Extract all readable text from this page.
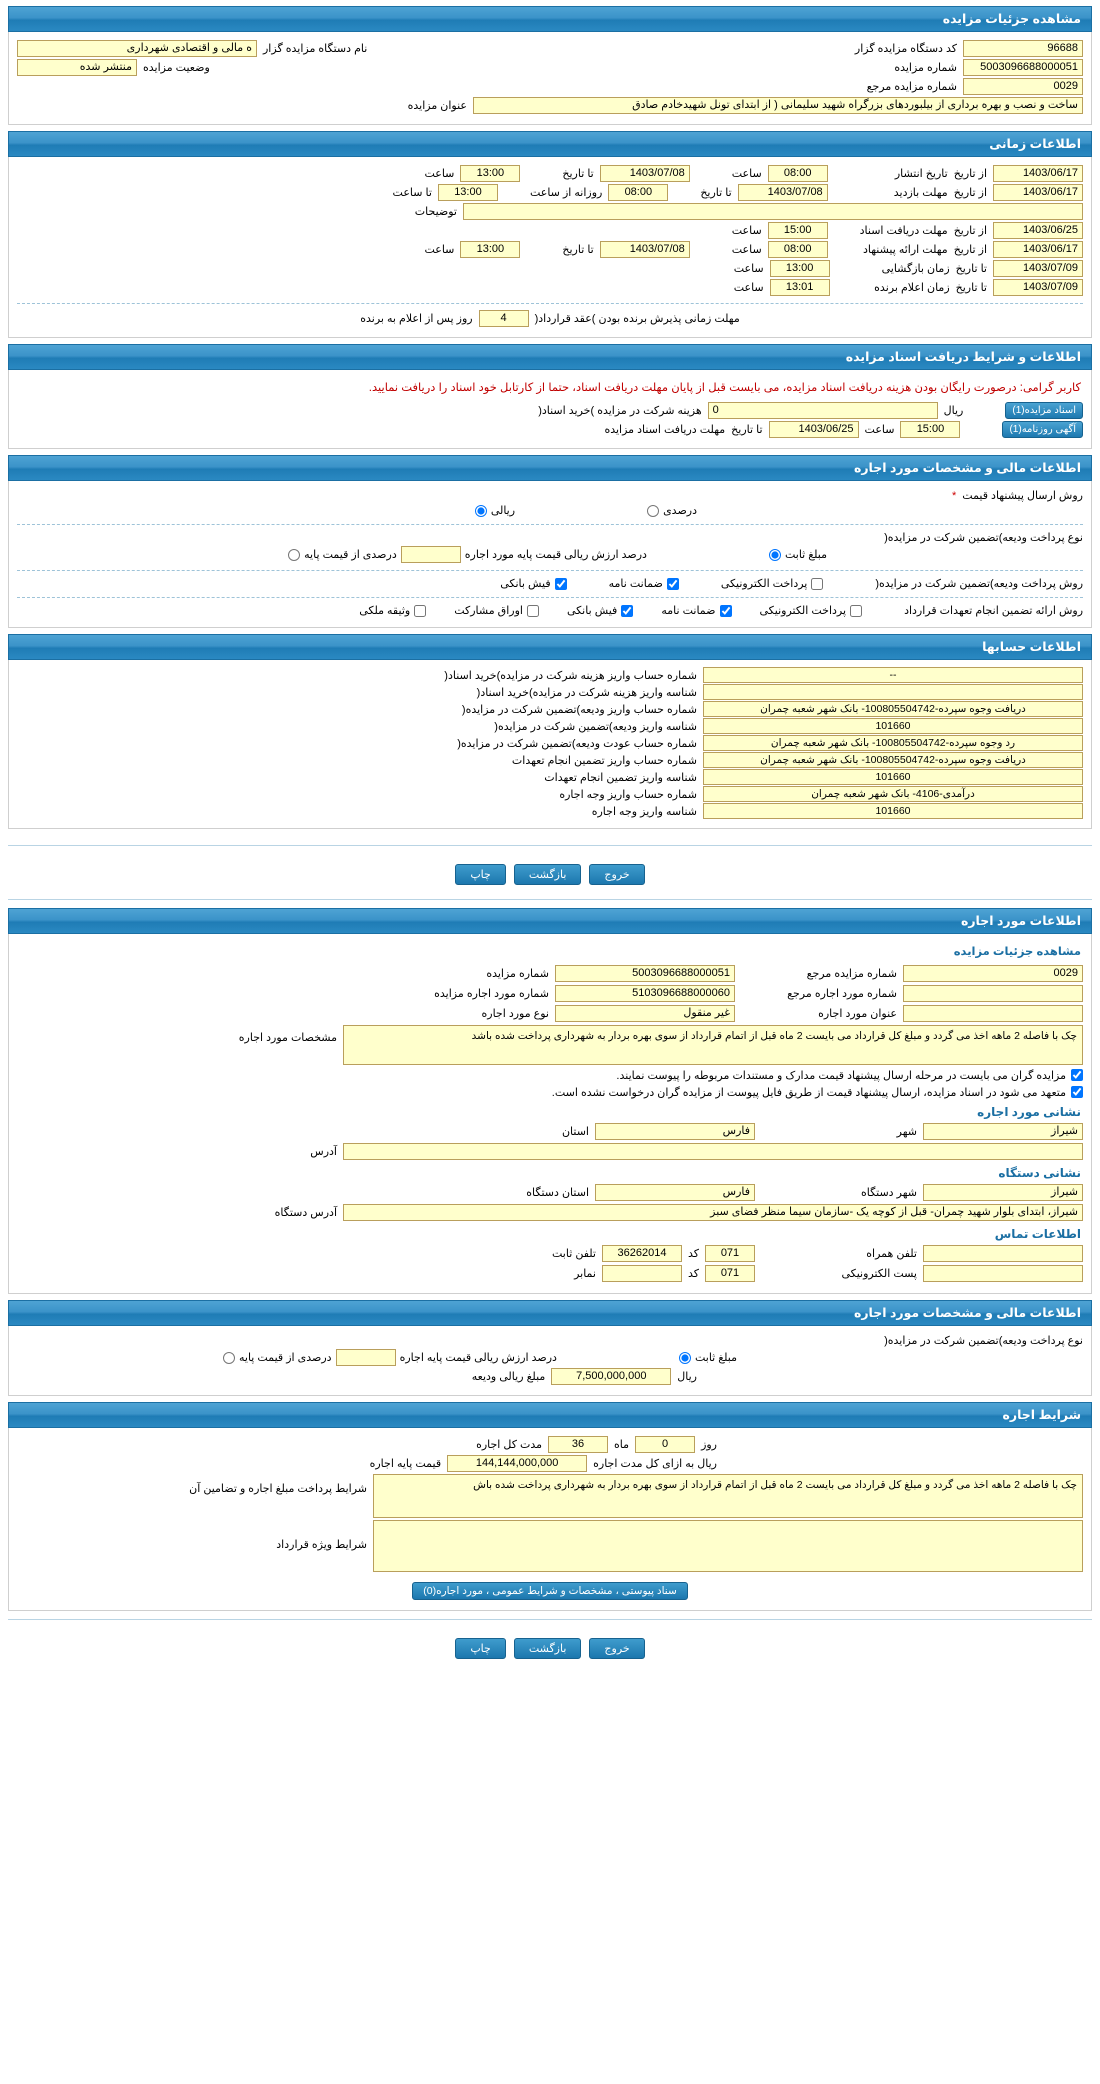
مشاهده جزئیات مزایده
96688
کد دستگاه مزایده گزار
نام دستگاه مزایده گزار
ه مالی و اقتصادی شهرداری
5003096688000051
شماره مزایده
وضعیت مزایده
منتشر شده
0029
شماره مزایده مرجع
ساخت و نصب و بهره برداری از بیلبوردهای بزرگراه شهید سلیمانی ( از ابتدای تونل شهیدخادم صادق
عنوان مزایده
اطلاعات زمانی
1403/06/17
از تاریخ
تاریخ انتشار
08:00
ساعت
1403/07/08
تا تاریخ
13:00
ساعت
1403/06/17
از تاریخ
مهلت بازدید
1403/07/08
تا تاریخ
08:00
روزانه از ساعت
13:00
تا ساعت
توضیحات
1403/06/25
از تاریخ
مهلت دریافت اسناد
15:00
ساعت
1403/06/17
از تاریخ
مهلت ارائه پیشنهاد
08:00
ساعت
1403/07/08
تا تاریخ
13:00
ساعت
1403/07/09
تا تاریخ
زمان بازگشایی
13:00
ساعت
1403/07/09
تا تاریخ
زمان اعلام برنده
13:01
ساعت
مهلت زمانی پذیرش برنده بودن )عقد قرارداد(
4
روز پس از اعلام به برنده
اطلاعات و شرایط دریافت اسناد مزایده
کاربر گرامی: درصورت رایگان بودن هزینه دریافت اسناد مزایده، می بایست قبل از پایان مهلت دریافت اسناد، حتما از کارتابل خود اسناد را دریافت نمایید.
اسناد مزایده(1)
ریال
0
هزینه شرکت در مزایده )خرید اسناد(
آگهی روزنامه(1)
15:00
ساعت
1403/06/25
تا تاریخ
مهلت دریافت اسناد مزایده
اطلاعات مالی و مشخصات مورد اجاره
روش ارسال پیشنهاد قیمت
*
درصدی
ریالی
نوع پرداخت ودیعه)تضمین شرکت در مزایده(
مبلغ ثابت
درصد ارزش ریالی قیمت پایه مورد اجاره
درصدی از قیمت پایه
روش پرداخت ودیعه)تضمین شرکت در مزایده(
پرداخت الکترونیکی
ضمانت نامه
فیش بانکی
روش ارائه تضمین انجام تعهدات قرارداد
پرداخت الکترونیکی
ضمانت نامه
فیش بانکی
اوراق مشارکت
وثیقه ملکی
اطلاعات حسابها
--
شماره حساب واریز هزینه شرکت در مزایده)خرید اسناد(
شناسه واریز هزینه شرکت در مزایده)خرید اسناد(
دریافت وجوه سپرده-100805504742- بانک شهر شعبه چمران
شماره حساب واریز ودیعه)تضمین شرکت در مزایده(
101660
شناسه واریز ودیعه)تضمین شرکت در مزایده(
رد وجوه سپرده-100805504742- بانک شهر شعبه چمران
شماره حساب عودت ودیعه)تضمین شرکت در مزایده(
دریافت وجوه سپرده-100805504742- بانک شهر شعبه چمران
شماره حساب واریز تضمین انجام تعهدات
101660
شناسه واریز تضمین انجام تعهدات
درآمدی-4106- بانک شهر شعبه چمران
شماره حساب واریز وجه اجاره
101660
شناسه واریز وجه اجاره
خروج
بازگشت
چاپ
اطلاعات مورد اجاره
مشاهده جزئیات مزایده
0029
شماره مزایده مرجع
5003096688000051
شماره مزایده
شماره مورد اجاره مرجع
5103096688000060
شماره مورد اجاره مزایده
عنوان مورد اجاره
غیر منقول
نوع مورد اجاره
چک با فاصله 2 ماهه اخذ می گردد و مبلغ کل قرارداد می بایست 2 ماه قبل از اتمام قرارداد از سوی بهره بردار به شهرداری پرداخت شده باشد
مشخصات مورد اجاره
مزایده گران می بایست در مرحله ارسال پیشنهاد قیمت مدارک و مستندات مربوطه را پیوست نمایند.
متعهد می شود در اسناد مزایده، ارسال پیشنهاد قیمت از طریق فایل پیوست از مزایده گران درخواست نشده است.
نشانی مورد اجاره
شیراز
شهر
فارس
استان
آدرس
نشانی دستگاه
شیراز
شهر دستگاه
فارس
استان دستگاه
شیراز، ابتدای بلوار شهید چمران- قبل از کوچه یک -سازمان سیما منظر فضای سبز
آدرس دستگاه
اطلاعات تماس
تلفن همراه
071
کد
36262014
تلفن ثابت
پست الکترونیکی
071
کد
نمابر
اطلاعات مالی و مشخصات مورد اجاره
نوع پرداخت ودیعه)تضمین شرکت در مزایده(
مبلغ ثابت
درصد ارزش ریالی قیمت پایه اجاره
درصدی از قیمت پایه
ریال
7,500,000,000
مبلغ ریالی ودیعه
شرایط اجاره
روز
0
ماه
36
مدت کل اجاره
ریال به ازای کل مدت اجاره
144,144,000,000
قیمت پایه اجاره
چک با فاصله 2 ماهه اخذ می گردد و مبلغ کل قرارداد می بایست 2 ماه قبل از اتمام قرارداد از سوی بهره بردار به شهرداری پرداخت شده باش
شرایط پرداخت مبلغ اجاره و تضامین آن
شرایط ویژه قرارداد
سناد پیوستی ، مشخصات و شرایط عمومی ، مورد اجاره(0)
خروج
بازگشت
چاپ
